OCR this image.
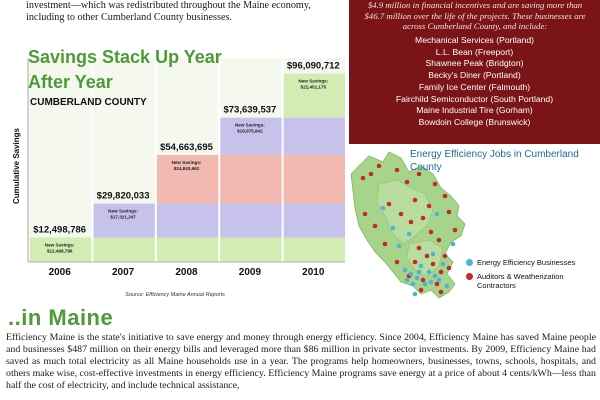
investment—which was redistributed throughout the Maine economy, including to other Cumberland County businesses.
$4.9 million in financial incentives and are saving more than $46.7 million over the life of the projects. These businesses are across Cumberland County, and include:
Mechanical Services (Portland)
L.L. Bean (Freeport)
Shawnee Peak (Bridgton)
Becky's Diner (Portland)
Family Ice Center (Falmouth)
Fairchild Semiconductor (South Portland)
Maine Industrial Tire (Gorham)
Bowdoin College (Brunswick)
$12,498,786
New Savings:
$12,498,786
2006
$29,820,033
New Savings:
$17,321,247
2007
$54,663,695
New Savings:
$24,843,662
2008
$73,639,537
New Savings:
$18,975,842
2009
$96,090,712
New Savings:
$22,451,175
2010
Savings Stack Up Year After Year
CUMBERLAND COUNTY
Cumulative Savings
Source: Efficiency Maine Annual Reports
Energy Efficiency Jobs in Cumberland County
Energy Efficiency Businesses
Auditors & Weatherization Contractors
..in Maine
Efficiency Maine is the state's initiative to save energy and money through energy efficiency. Since 2004, Efficiency Maine has saved Maine people and businesses $487 million on their energy bills and leveraged more than $86 million in private sector investments. By 2009, Efficiency Maine had saved as much total electricity as all Maine households use in a year. The programs help homeowners, businesses, towns, schools, hospitals, and others make wise, cost-effective investments in energy efficiency. Efficiency Maine programs save energy at a price of about 4 cents/kWh—less than half the cost of electricity, and include technical assistance,
